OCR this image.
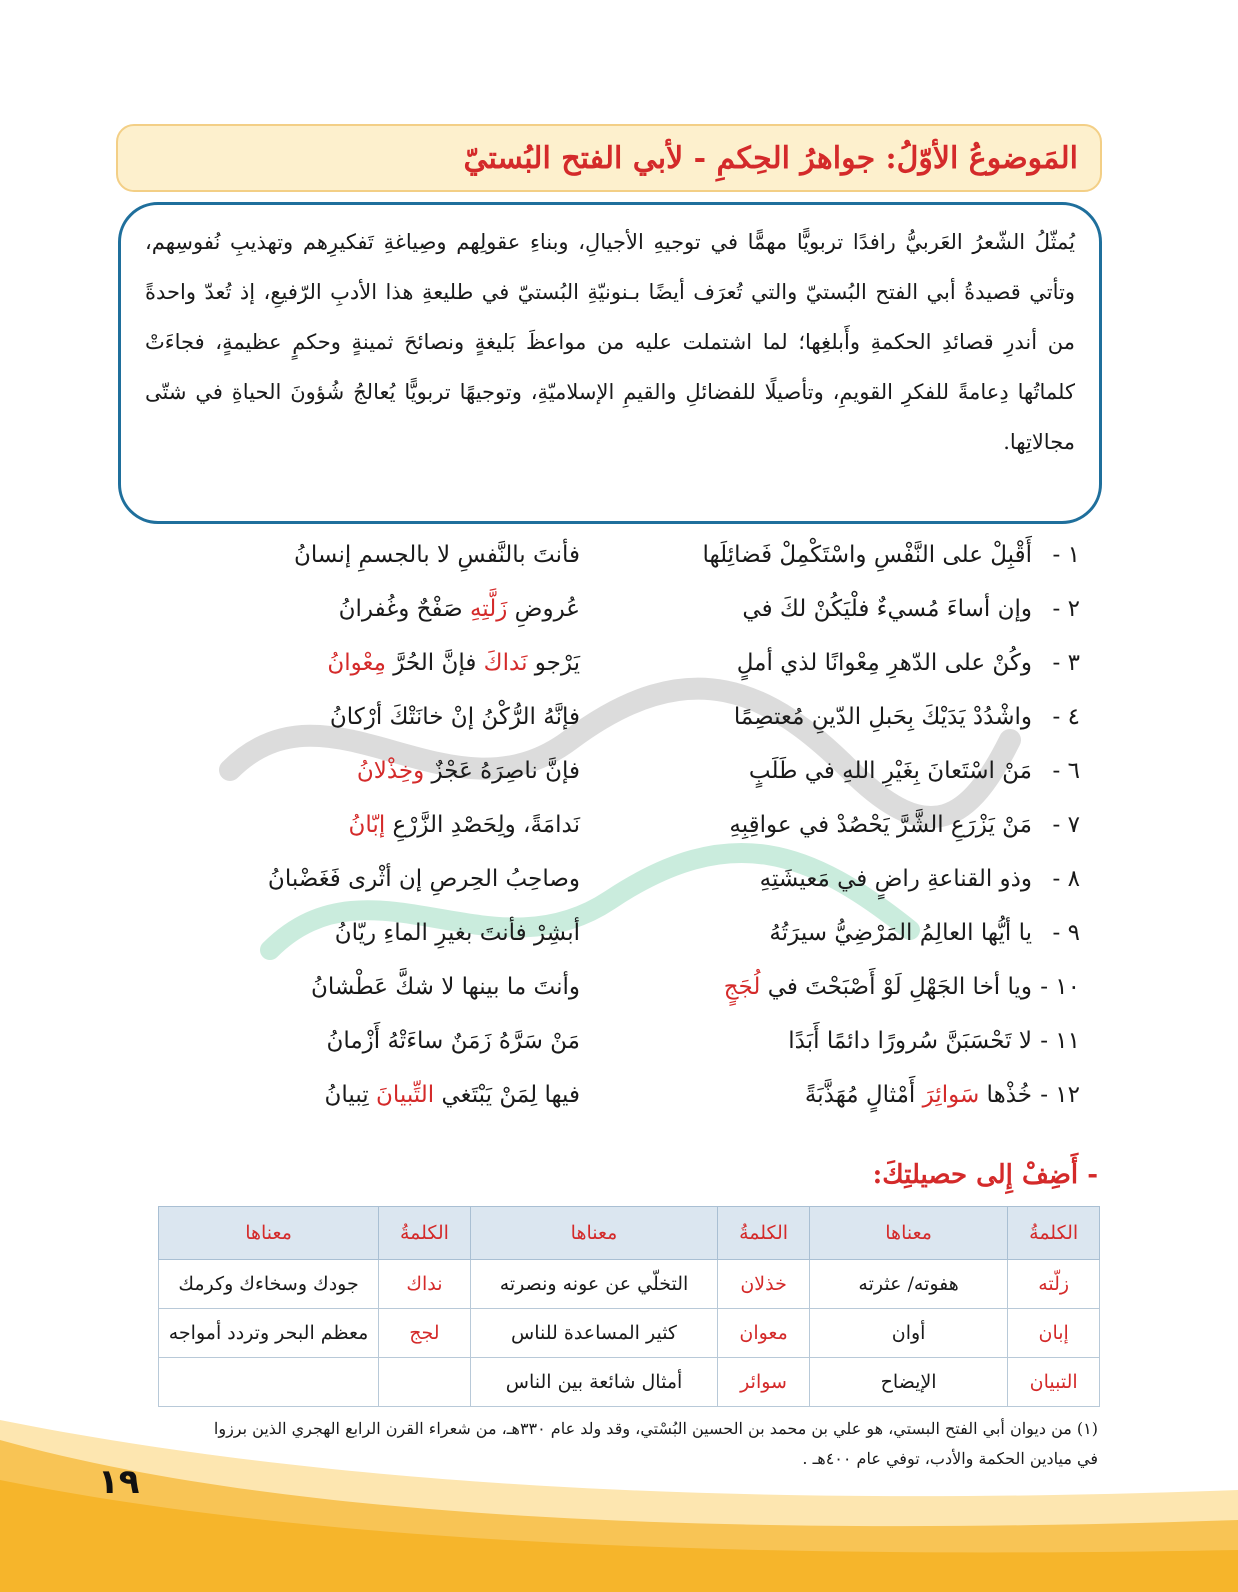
المَوضوعُ الأوّلُ: جواهرُ الحِكمِ - لأبي الفتح البُستيّ
يُمثّلُ الشّعرُ العَربيُّ رافدًا تربويًّا مهمًّا في توجيهِ الأجيالِ، وبناءِ عقولِهم وصِياغةِ تَفكيرِهم وتهذيبِ نُفوسِهم، وتأتي قصيدةُ أبي الفتح البُستيّ والتي تُعرَف أيضًا بـنونيّةِ البُستيّ في طليعةِ هذا الأدبِ الرّفيعِ، إذ تُعدّ واحدةً من أندرِ قصائدِ الحكمةِ وأَبلغِها؛ لما اشتملت عليه من مواعظَ بَليغةٍ ونصائحَ ثمينةٍ وحكمٍ عظيمةٍ، فجاءَتْ كلماتُها دِعامةً للفكرِ القويمِ، وتأصيلًا للفضائلِ والقيمِ الإسلاميّةِ، وتوجيهًا تربويًّا يُعالجُ شُؤونَ الحياةِ في شتّى مجالاتِها.
١ -أَقْبِلْ على النَّفْسِ واسْتَكْمِلْ فَضائِلَها
فأنتَ بالنَّفسِ لا بالجسمِ إنسانُ
٢ -وإن أساءَ مُسيءٌ فلْيَكُنْ لكَ في
عُروضِ زَلَّتِهِ صَفْحٌ وغُفرانُ
٣ -وكُنْ على الدّهرِ مِعْوانًا لذي أملٍ
يَرْجو نَداكَ فإنَّ الحُرَّ مِعْوانُ
٤ -واشْدُدْ يَدَيْكَ بِحَبلِ الدّينِ مُعتصِمًا
فإنَّهُ الرُّكْنُ إنْ خانَتْكَ أرْكانُ
٦ -مَنْ اسْتَعانَ بِغَيْرِ اللهِ في طَلَبٍ
فإنَّ ناصِرَهُ عَجْزٌ وخِذْلانُ
٧ -مَنْ يَزْرَعِ الشَّرَّ يَحْصُدْ في عواقِبِهِ
نَدامَةً، ولِحَصْدِ الزَّرْعِ إبّانُ
٨ -وذو القناعةِ راضٍ في مَعيشَتِهِ
وصاحِبُ الحِرصِ إن أثْرى فَغَضْبانُ
٩ -يا أيُّها العالِمُ المَرْضِيُّ سيرَتُهُ
أبشِرْ فأنتَ بغيرِ الماءِ ريّانُ
١٠ -ويا أخا الجَهْلِ لَوْ أَصْبَحْتَ في لُجَجٍ
وأنتَ ما بينها لا شكَّ عَطْشانُ
١١ -لا تَحْسَبَنَّ سُرورًا دائمًا أَبَدًا
مَنْ سَرَّهُ زَمَنٌ ساءَتْهُ أَزْمانُ
١٢ -خُذْها سَوائِرَ أَمْثالٍ مُهَذَّبَةً
فيها لِمَنْ يَبْتَغي التِّبيانَ تِبيانُ
- أَضِفْ إِلى حصيلتِكَ:
الكلمةُ	معناها	الكلمةُ	معناها	الكلمةُ	معناها
زلّته	هفوته/ عثرته	خذلان	التخلّي عن عونه ونصرته	نداك	جودك وسخاءك وكرمك
إبان	أوان	معوان	كثير المساعدة للناس	لجج	معظم البحر وتردد أمواجه
التبيان	الإيضاح	سوائر	أمثال شائعة بين الناس		
(١) من ديوان أبي الفتح البستي، هو علي بن محمد بن الحسين البُسْتي، وقد ولد عام ٣٣٠هـ، من شعراء القرن الرابع الهجري الذين برزوا
في ميادين الحكمة والأدب، توفي عام ٤٠٠هـ .
١٩
